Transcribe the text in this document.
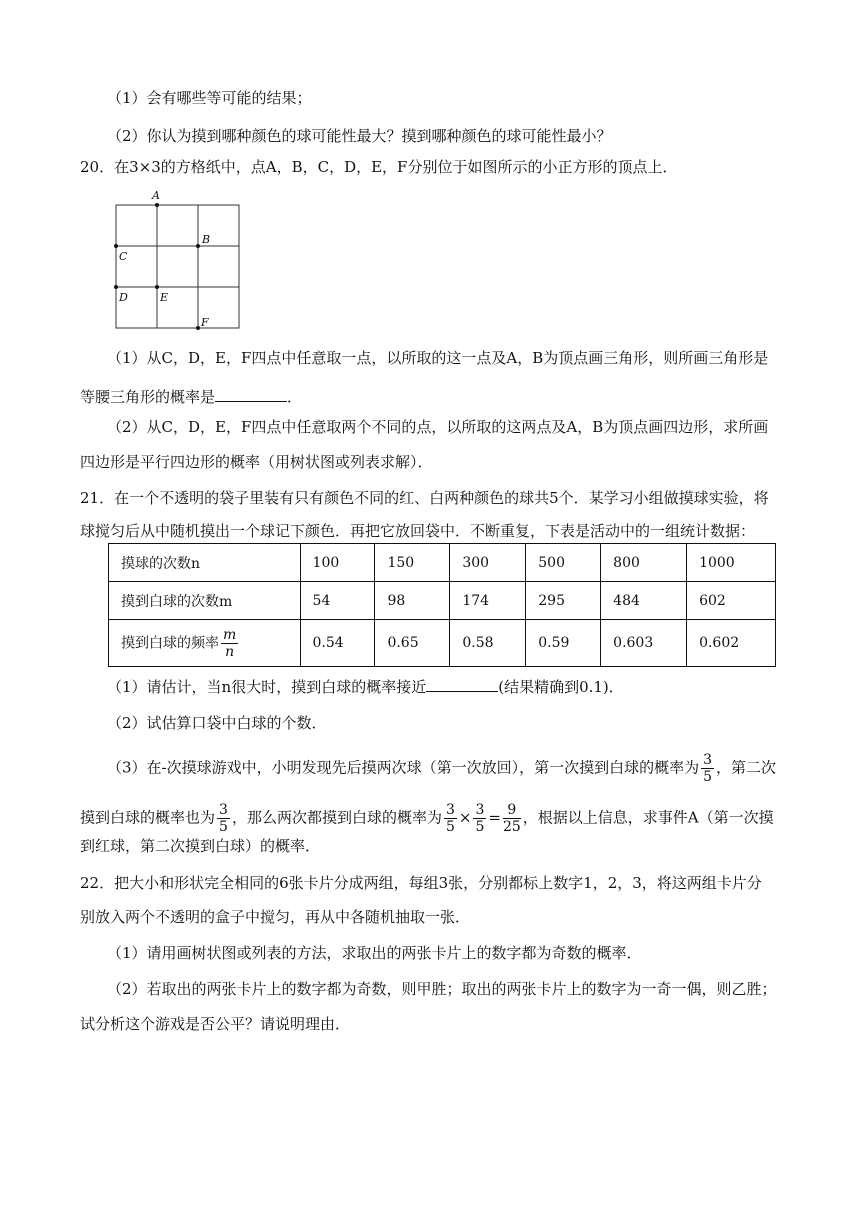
（1）会有哪些等可能的结果；
（2）你认为摸到哪种颜色的球可能性最大？摸到哪种颜色的球可能性最小？
20．在3×3的方格纸中，点A，B，C，D，E，F分别位于如图所示的小正方形的顶点上．
A
B
C
D	E
F
（1）从C，D，E，F四点中任意取一点，以所取的这一点及A，B为顶点画三角形，则所画三角形是
等腰三角形的概率是	．
（2）从C，D，E，F四点中任意取两个不同的点，以所取的这两点及A，B为顶点画四边形，求所画
四边形是平行四边形的概率（用树状图或列表求解）．
21．在一个不透明的袋子里装有只有颜色不同的红、白两种颜色的球共5个．某学习小组做摸球实验，将
球搅匀后从中随机摸出一个球记下颜色．再把它放回袋中．不断重复，下表是活动中的一组统计数据：
摸球的次数n	100	150	300	500	800	1000
摸到白球的次数m	54	98	174	295	484	602
摸到白球的频率 $\frac{m}{n}$	0.54	0.65	0.58	0.59	0.603	0.602
（1）请估计，当n很大时，摸到白球的概率接近	(结果精确到0.1)．
（2）试估算口袋中白球的个数．
（3）在-次摸球游戏中，小明发现先后摸两次球（第一次放回），第一次摸到白球的概率为 $\frac{3}{5}$ ，第二次
摸到白球的概率也为 $\frac{3}{5}$ ，那么两次都摸到白球的概率为 $\frac{3}{5} \times \frac{3}{5} = \frac{9}{25}$ ，根据以上信息，求事件A（第一次摸
到红球，第二次摸到白球）的概率．
22．把大小和形状完全相同的6张卡片分成两组，每组3张，分别都标上数字1，2，3，将这两组卡片分
别放入两个不透明的盒子中搅匀，再从中各随机抽取一张．
（1）请用画树状图或列表的方法，求取出的两张卡片上的数字都为奇数的概率．
（2）若取出的两张卡片上的数字都为奇数，则甲胜；取出的两张卡片上的数字为一奇一偶，则乙胜；
试分析这个游戏是否公平？请说明理由．
